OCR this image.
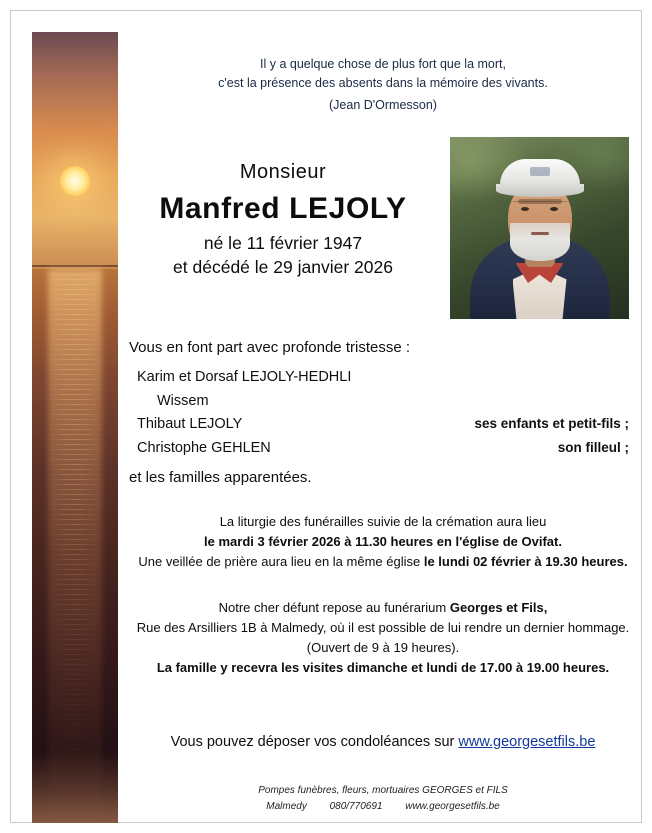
Il y a quelque chose de plus fort que la mort,
c'est la présence des absents dans la mémoire des vivants.
(Jean D'Ormesson)
Monsieur
Manfred LEJOLY
né le 11 février 1947
et décédé le 29 janvier 2026
Vous en font part avec profonde tristesse :
Karim et Dorsaf LEJOLY-HEDHLI
Wissem
Thibaut LEJOLY	ses enfants et petit-fils ;
Christophe GEHLEN	son filleul ;
et les familles apparentées.
La liturgie des funérailles suivie de la crémation aura lieu
le mardi 3 février 2026 à 11.30 heures en l'église de Ovifat.
Une veillée de prière aura lieu en la même église le lundi 02 février à 19.30 heures.
Notre cher défunt repose au funérarium Georges et Fils,
Rue des Arsilliers 1B à Malmedy, où il est possible de lui rendre un dernier hommage.
(Ouvert de 9 à 19 heures).
La famille y recevra les visites dimanche et lundi de 17.00 à 19.00 heures.
Vous pouvez déposer vos condoléances sur www.georgesetfils.be
Pompes funèbres, fleurs, mortuaires GEORGES et FILS
Malmedy 080/770691 www.georgesetfils.be
